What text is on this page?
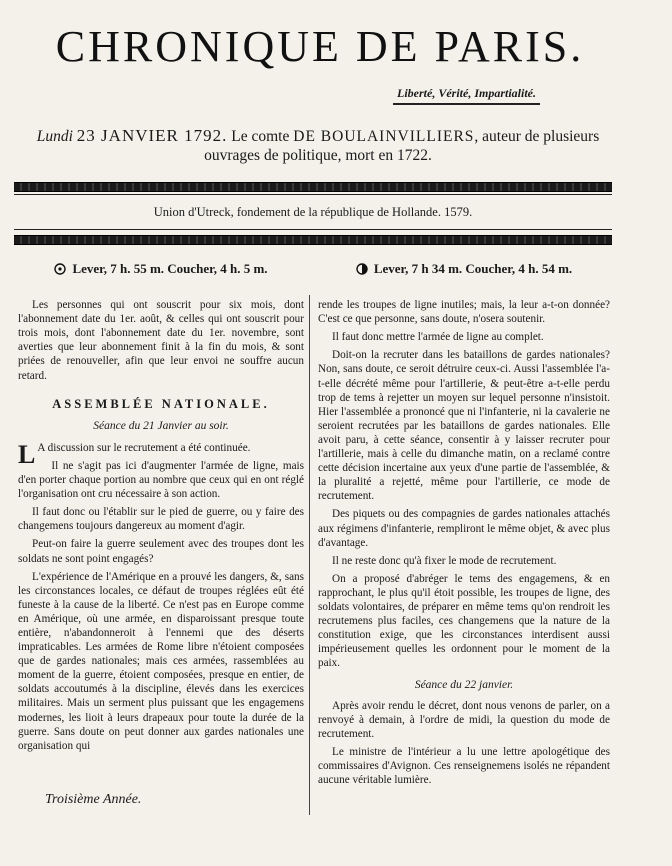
CHRONIQUE DE PARIS.
Liberté, Vérité, Impartialité.
Lundi 23 JANVIER 1792. Le comte DE BOULAINVILLIERS, auteur de plusieurs ouvrages de politique, mort en 1722.
Union d'Utreck, fondement de la république de Hollande. 1579.
Lever, 7 h. 55 m. Coucher, 4 h. 5 m.

Les personnes qui ont souscrit pour six mois, dont l'abonnement date du 1er. août, & celles qui ont souscrit pour trois mois, dont l'abonnement date du 1er. novembre, sont averties que leur abonnement finit à la fin du mois, & sont priées de renouveller, afin que leur envoi ne souffre aucun retard.

ASSEMBLÉE NATIONALE.
Séance du 21 Janvier au soir.

L A discussion sur le recrutement a été continuée.

Il ne s'agit pas ici d'augmenter l'armée de ligne, mais d'en porter chaque portion au nombre que ceux qui en ont réglé l'organisation ont cru nécessaire à son action.

Il faut donc ou l'établir sur le pied de guerre, ou y faire des changemens toujours dangereux au moment d'agir.

Peut-on faire la guerre seulement avec des troupes dont les soldats ne sont point engagés?

L'expérience de l'Amérique en a prouvé les dangers, &, sans les circonstances locales, ce défaut de troupes réglées eût été funeste à la cause de la liberté. Ce n'est pas en Europe comme en Amérique, où une armée, en disparoissant presque toute entière, n'abandonneroit à l'ennemi que des déserts impraticables. Les armées de Rome libre n'étoient composées que de gardes nationales; mais ces armées, rassemblées au moment de la guerre, étoient composées, presque en entier, de soldats accoutumés à la discipline, élevés dans les exercices militaires. Mais un serment plus puissant que les engagemens modernes, les lioit à leurs drapeaux pour toute la durée de la guerre. Sans doute on peut donner aux gardes nationales une organisation qui

Lever, 7 h 34 m. Coucher, 4 h. 54 m.

rende les troupes de ligne inutiles; mais, la leur a-t-on donnée? C'est ce que personne, sans doute, n'osera soutenir.

Il faut donc mettre l'armée de ligne au complet.

Doit-on la recruter dans les bataillons de gardes nationales? Non, sans doute, ce seroit détruire ceux-ci. Aussi l'assemblée l'a-t-elle décrété même pour l'artillerie, & peut-être a-t-elle perdu trop de tems à rejetter un moyen sur lequel personne n'insistoit. Hier l'assemblée a prononcé que ni l'infanterie, ni la cavalerie ne seroient recrutées par les bataillons de gardes nationales. Elle avoit paru, à cette séance, consentir à y laisser recruter pour l'artillerie, mais à celle du dimanche matin, on a reclamé contre cette décision incertaine aux yeux d'une partie de l'assemblée, & la pluralité a rejetté, même pour l'artillerie, ce mode de recrutement.

Des piquets ou des compagnies de gardes nationales attachés aux régimens d'infanterie, rempliront le même objet, & avec plus d'avantage.

Il ne reste donc qu'à fixer le mode de recrutement.

On a proposé d'abréger le tems des engagemens, & en rapprochant, le plus qu'il étoit possible, les troupes de ligne, des soldats volontaires, de préparer en même tems qu'on rendroit les recrutemens plus faciles, ces changemens que la nature de la constitution exige, que les circonstances interdisent aussi impérieusement quelles les ordonnent pour le moment de la paix.

Séance du 22 janvier.

Après avoir rendu le décret, dont nous venons de parler, on a renvoyé à demain, à l'ordre de midi, la question du mode de recrutement.

Le ministre de l'intérieur a lu une lettre apologétique des commissaires d'Avignon. Ces renseignemens isolés ne répandent aucune véritable lumière.

Troisième Année.
